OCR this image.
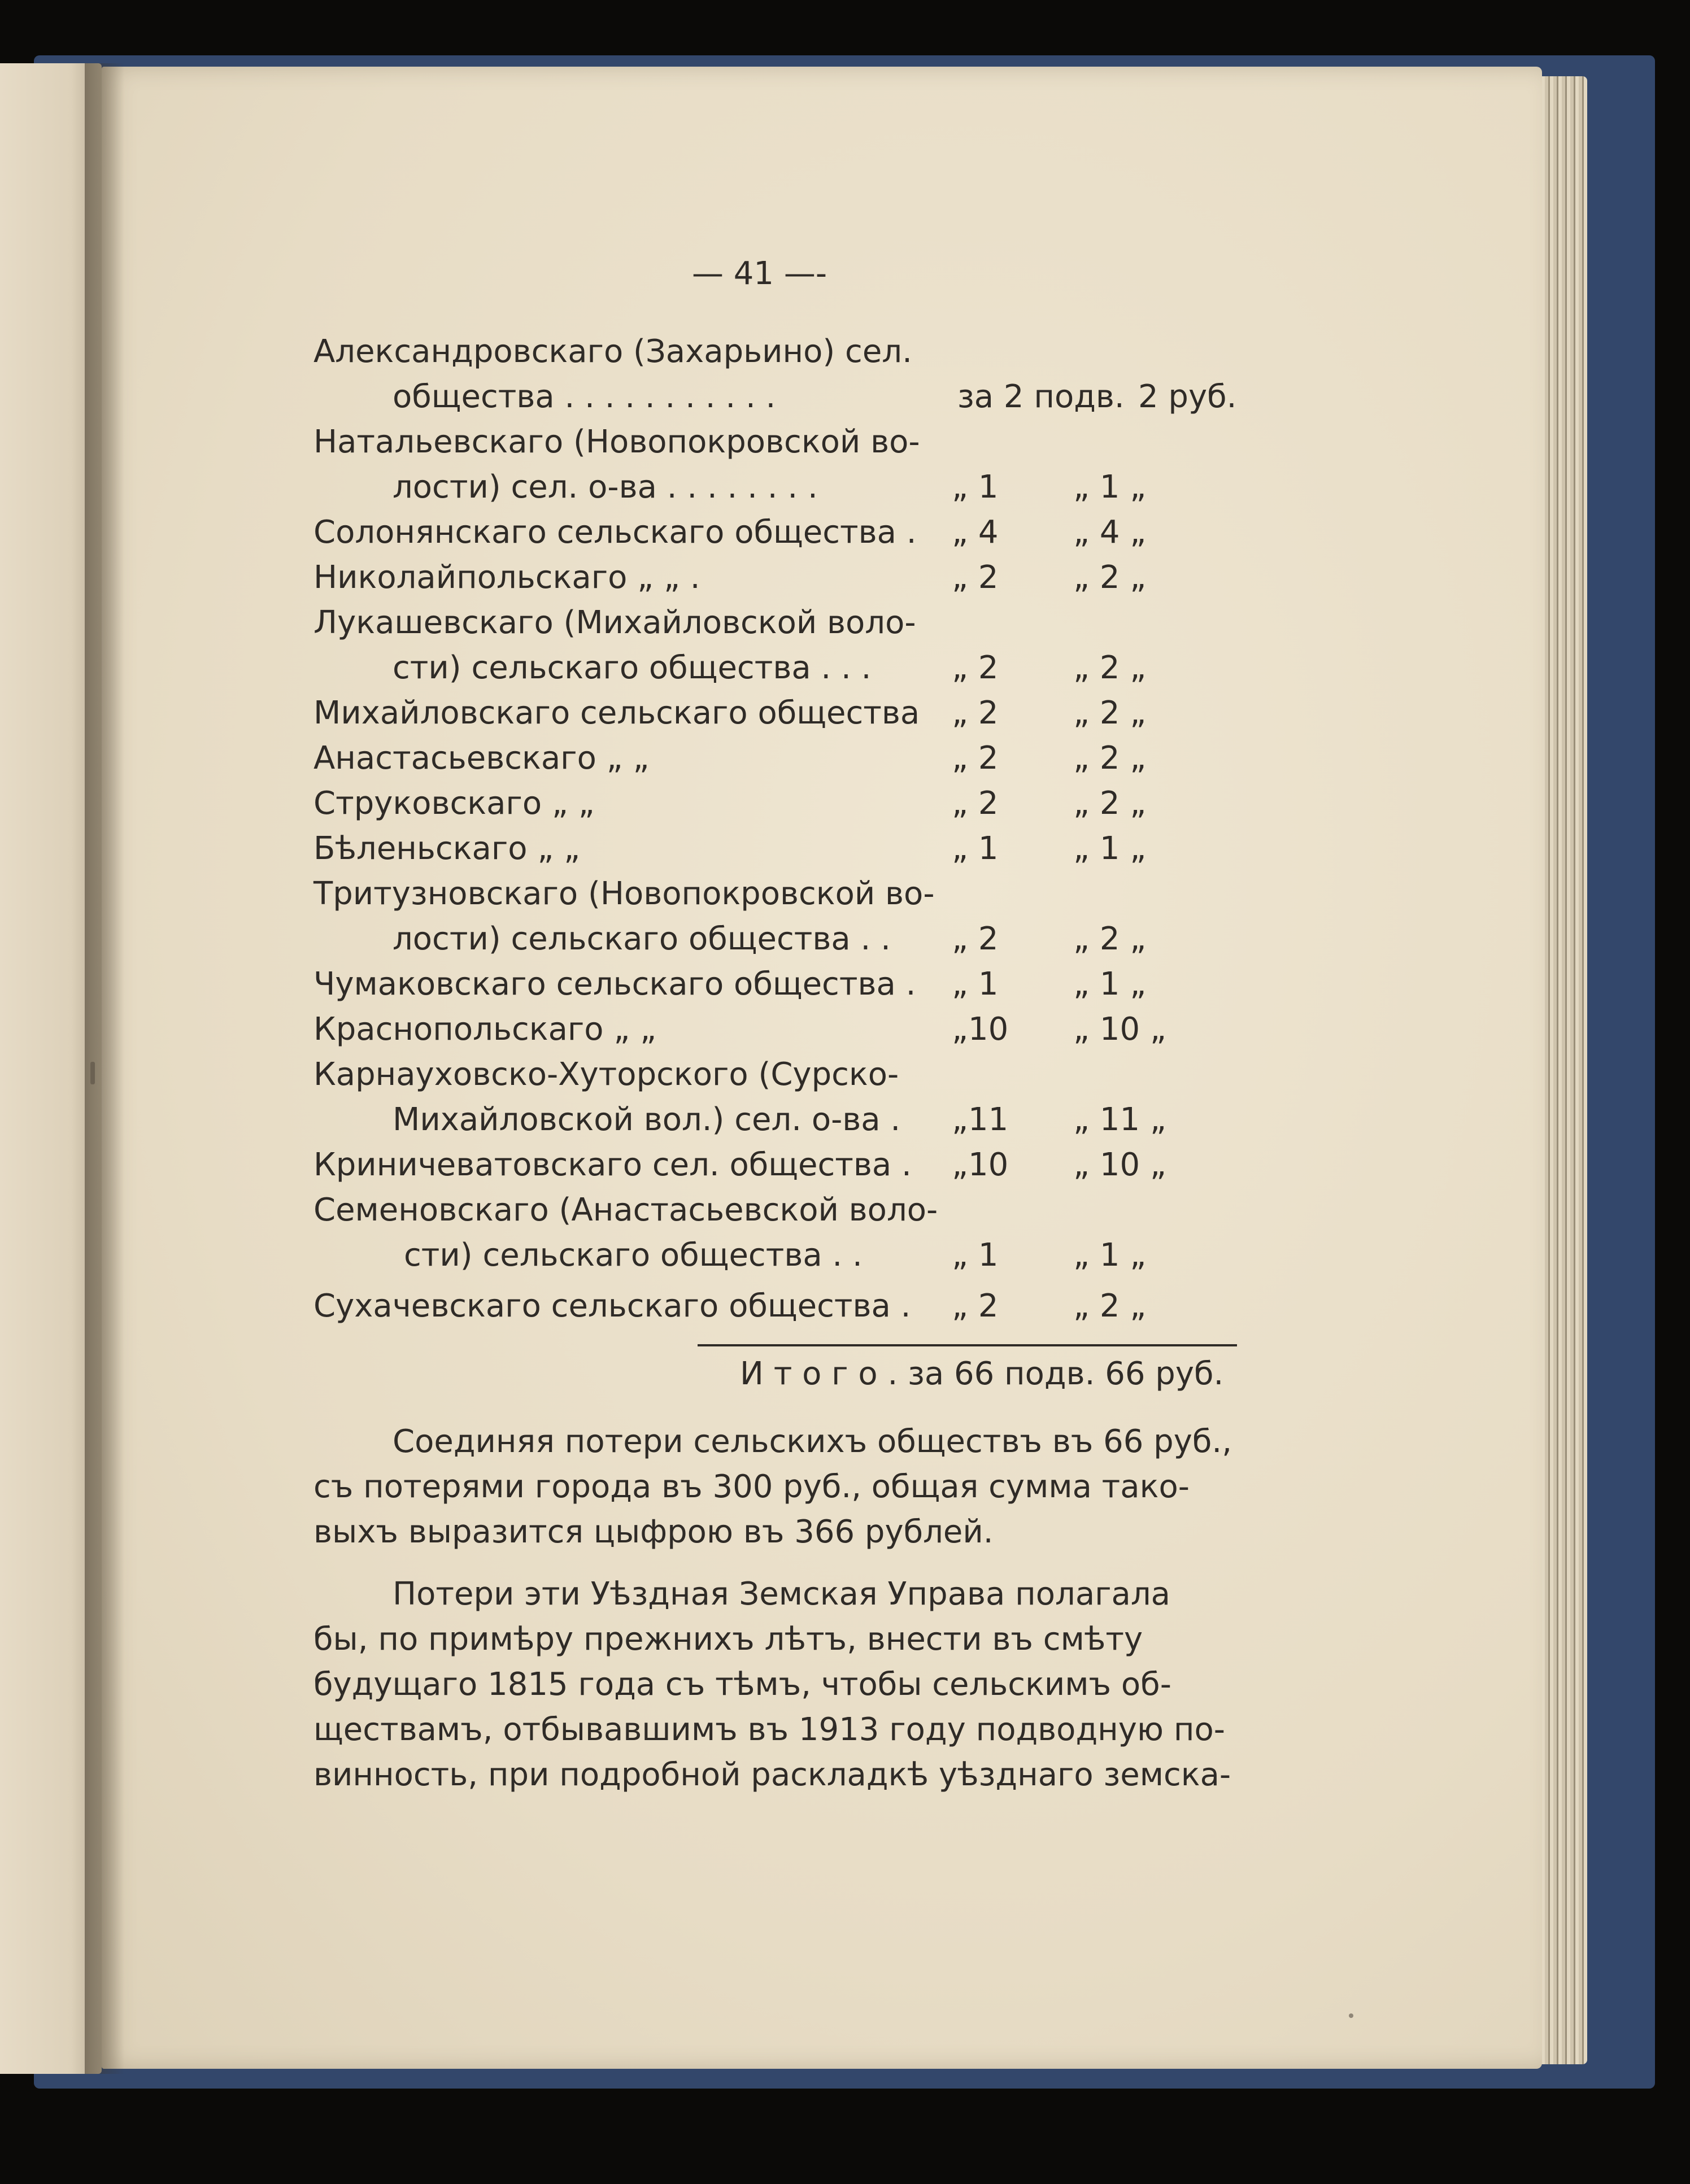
— 41 —-
Александровскаго (Захарьино) сел.
общества . . . . . . . . . . .	за 2 подв. 2 руб.
Натальевскаго (Новопокровской во-
лости) сел. о-ва . . . . . . . .	„ 1 „ 1 „
Солонянскаго сельскаго общества . „ 4 „ 4 „
Николайпольскаго „ „ .	„ 2 „ 2 „
Лукашевскаго (Михайловской воло-
сти) сельскаго общества . . .	„ 2 „ 2 „
Михайловскаго сельскаго общества „ 2 „ 2 „
Анастасьевскаго „ „	„ 2 „ 2 „
Струковскаго „ „	„ 2 „ 2 „
Бѣленьскаго „ „	„ 1 „ 1 „
Тритузновскаго (Новопокровской во-
лости) сельскаго общества . . „ 2 „ 2 „
Чумаковскаго сельскаго общества . „ 1 „ 1 „
Краснопольскаго „ „	„10 „ 10 „
Карнауховско-Хуторского (Сурско-
Михайловской вол.) сел. о-ва . „11 „ 11 „
Криничеватовскаго сел. общества . „10 „ 10 „
Семеновскаго (Анастасьевской воло-
сти) сельскаго общества . .	„ 1 „ 1 „
Сухачевскаго сельскаго общества . „ 2 „ 2 „
И т о г о . за 66 подв. 66 руб.
Соединяя потери сельскихъ обществъ въ 66 руб.,
съ потерями города въ 300 руб., общая сумма тако-
выхъ выразится цыфрою въ 366 рублей.
Потери эти Уѣздная Земская Управа полагала
бы, по примѣру прежнихъ лѣтъ, внести въ смѣту
будущаго 1815 года съ тѣмъ, чтобы сельскимъ об-
ществамъ, отбывавшимъ въ 1913 году подводную по-
винность, при подробной раскладкѣ уѣзднаго земска-
